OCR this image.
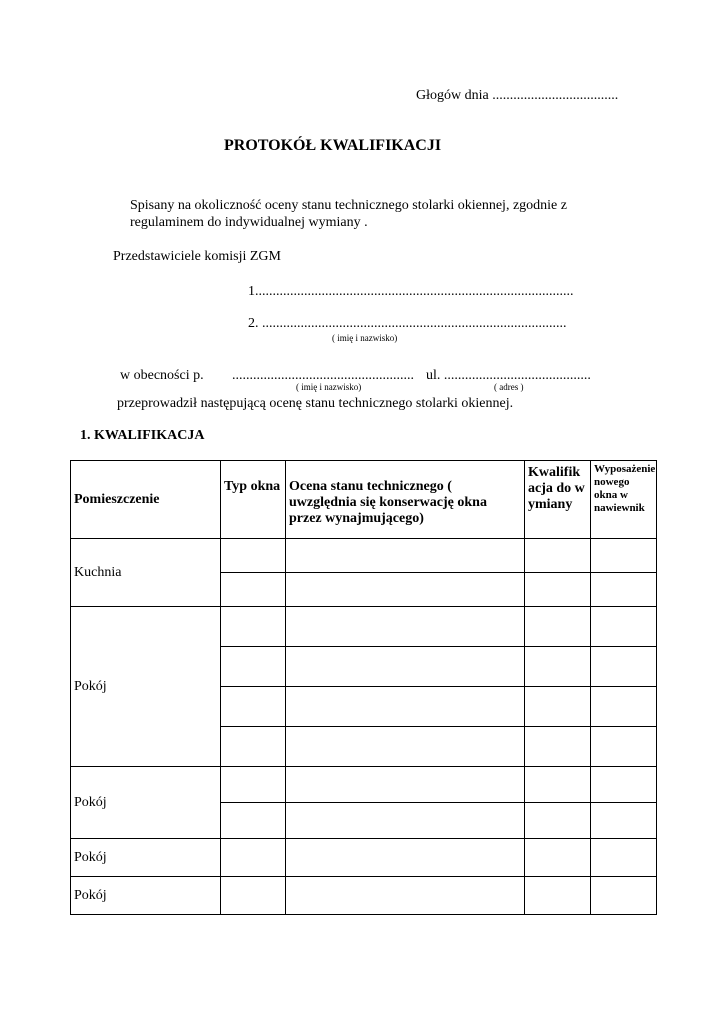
Głogów dnia ....................................
PROTOKÓŁ KWALIFIKACJI
Spisany na okoliczność oceny stanu technicznego stolarki okiennej, zgodnie z
regulaminem do indywidualnej wymiany .
Przedstawiciele komisji ZGM
1...........................................................................................
2. .......................................................................................
( imię i nazwisko)
w obecności p. .................................................... ul. ..........................................
( imię i nazwisko)	( adres )
przeprowadził następującą ocenę stanu technicznego stolarki okiennej.
1. KWALIFIKACJA
Pomieszczenie	Typ okna	Ocena stanu technicznego ( uwzględnia się konserwację okna przez wynajmującego)	Kwalifikacja do wymiany	Wyposażenie nowego okna w nawiewnik
Kuchnia				

Pokój				

Pokój				

Pokój				
Pokój				
